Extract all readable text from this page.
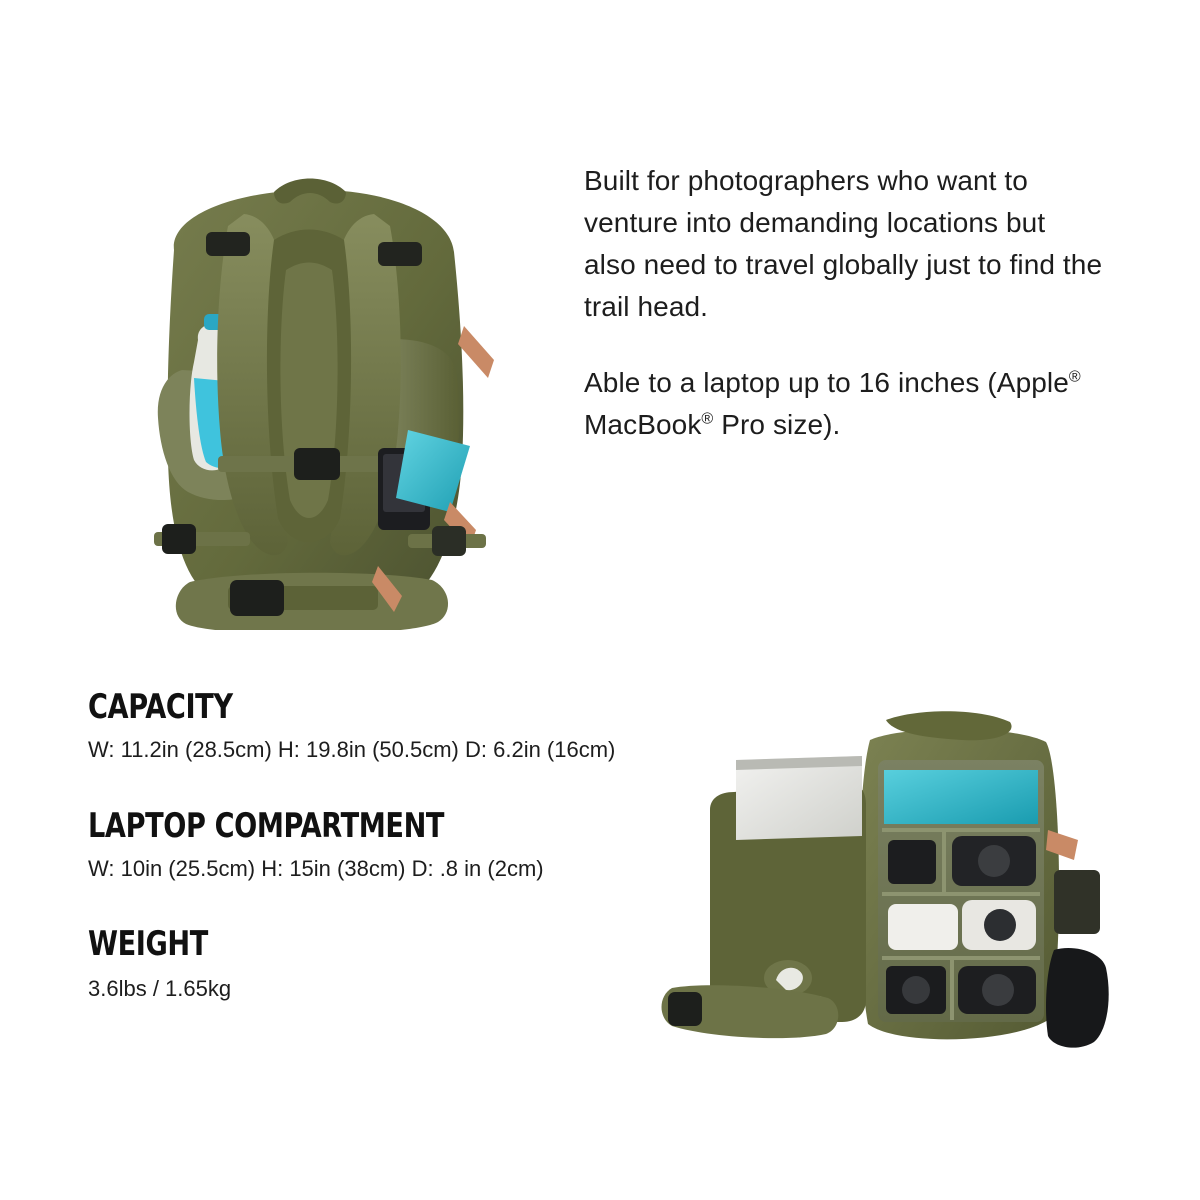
Built for photographers who want to venture into demanding locations but also need to travel globally just to find the trail head.

Able to a laptop up to 16 inches (Apple® MacBook® Pro size).

CAPACITY

W: 11.2in (28.5cm) H: 19.8in (50.5cm) D: 6.2in (16cm)

LAPTOP COMPARTMENT

W: 10in (25.5cm) H: 15in (38cm) D: .8 in (2cm)

WEIGHT

3.6lbs / 1.65kg
